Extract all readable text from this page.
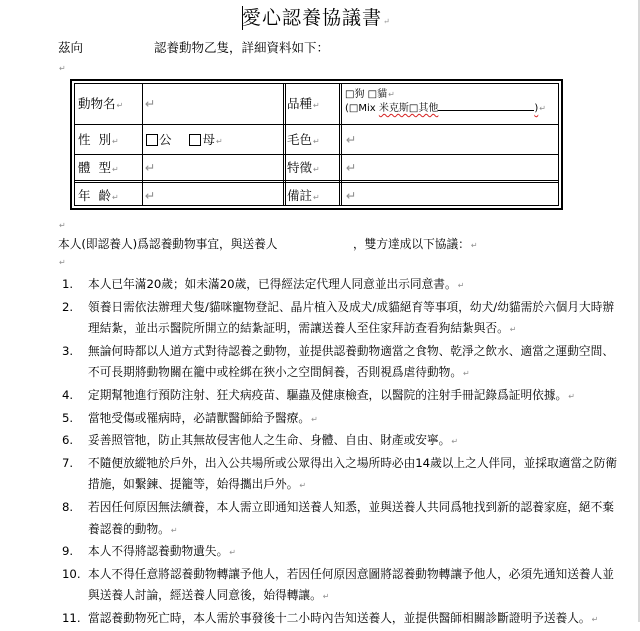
愛心認養協議書↵
茲向	認養動物乙隻，詳細資料如下：
↵
動物名↵ ↵	品種↵
□狗 □貓↵
(□Mix 米克斯□其他	)↵
性  別↵	公 母↵	毛色↵ ↵
體  型↵ ↵	特徵↵ ↵
年  齡↵ ↵	備註↵ ↵
↵
本人(即認養人)爲認養動物事宜，與送養人	，雙方達成以下協議：↵
↵
1.	本人已年滿20歲；如未滿20歲，已得經法定代理人同意並出示同意書。↵
2.	領養日需依法辦理犬隻/貓咪寵物登記、晶片植入及成犬/成貓絕育等事項，幼犬/幼貓需於六個月大時辦理結紮，並出示醫院所開立的結紮証明，需讓送養人至住家拜訪查看狗結紮與否。↵
3.	無論何時都以人道方式對待認養之動物，並提供認養動物適當之食物、乾淨之飲水、適當之運動空間、不可長期將動物關在籠中或栓綁在狹小之空間飼養，否則視爲虐待動物。↵
4.	定期幫牠進行預防注射、狂犬病疫苗、驅蟲及健康檢查，以醫院的注射手冊記錄爲証明依據。↵
5.	當牠受傷或罹病時，必請獸醫師給予醫療。↵
6.	妥善照管牠，防止其無故侵害他人之生命、身體、自由、財產或安寧。↵
7.	不隨便放縱牠於戶外，出入公共場所或公眾得出入之場所時必由14歲以上之人伴同，並採取適當之防衛措施，如繫鍊、提籠等，始得攜出戶外。↵
8.	若因任何原因無法續養，本人需立即通知送養人知悉，並與送養人共同爲牠找到新的認養家庭，絕不棄養認養的動物。↵
9.	本人不得將認養動物遺失。↵
10. 本人不得任意將認養動物轉讓予他人，若因任何原因意圖將認養動物轉讓予他人，必須先通知送養人並與送養人討論，經送養人同意後，始得轉讓。↵
11. 當認養動物死亡時，本人需於事發後十二小時內告知送養人，並提供醫師相關診斷證明予送養人。↵
